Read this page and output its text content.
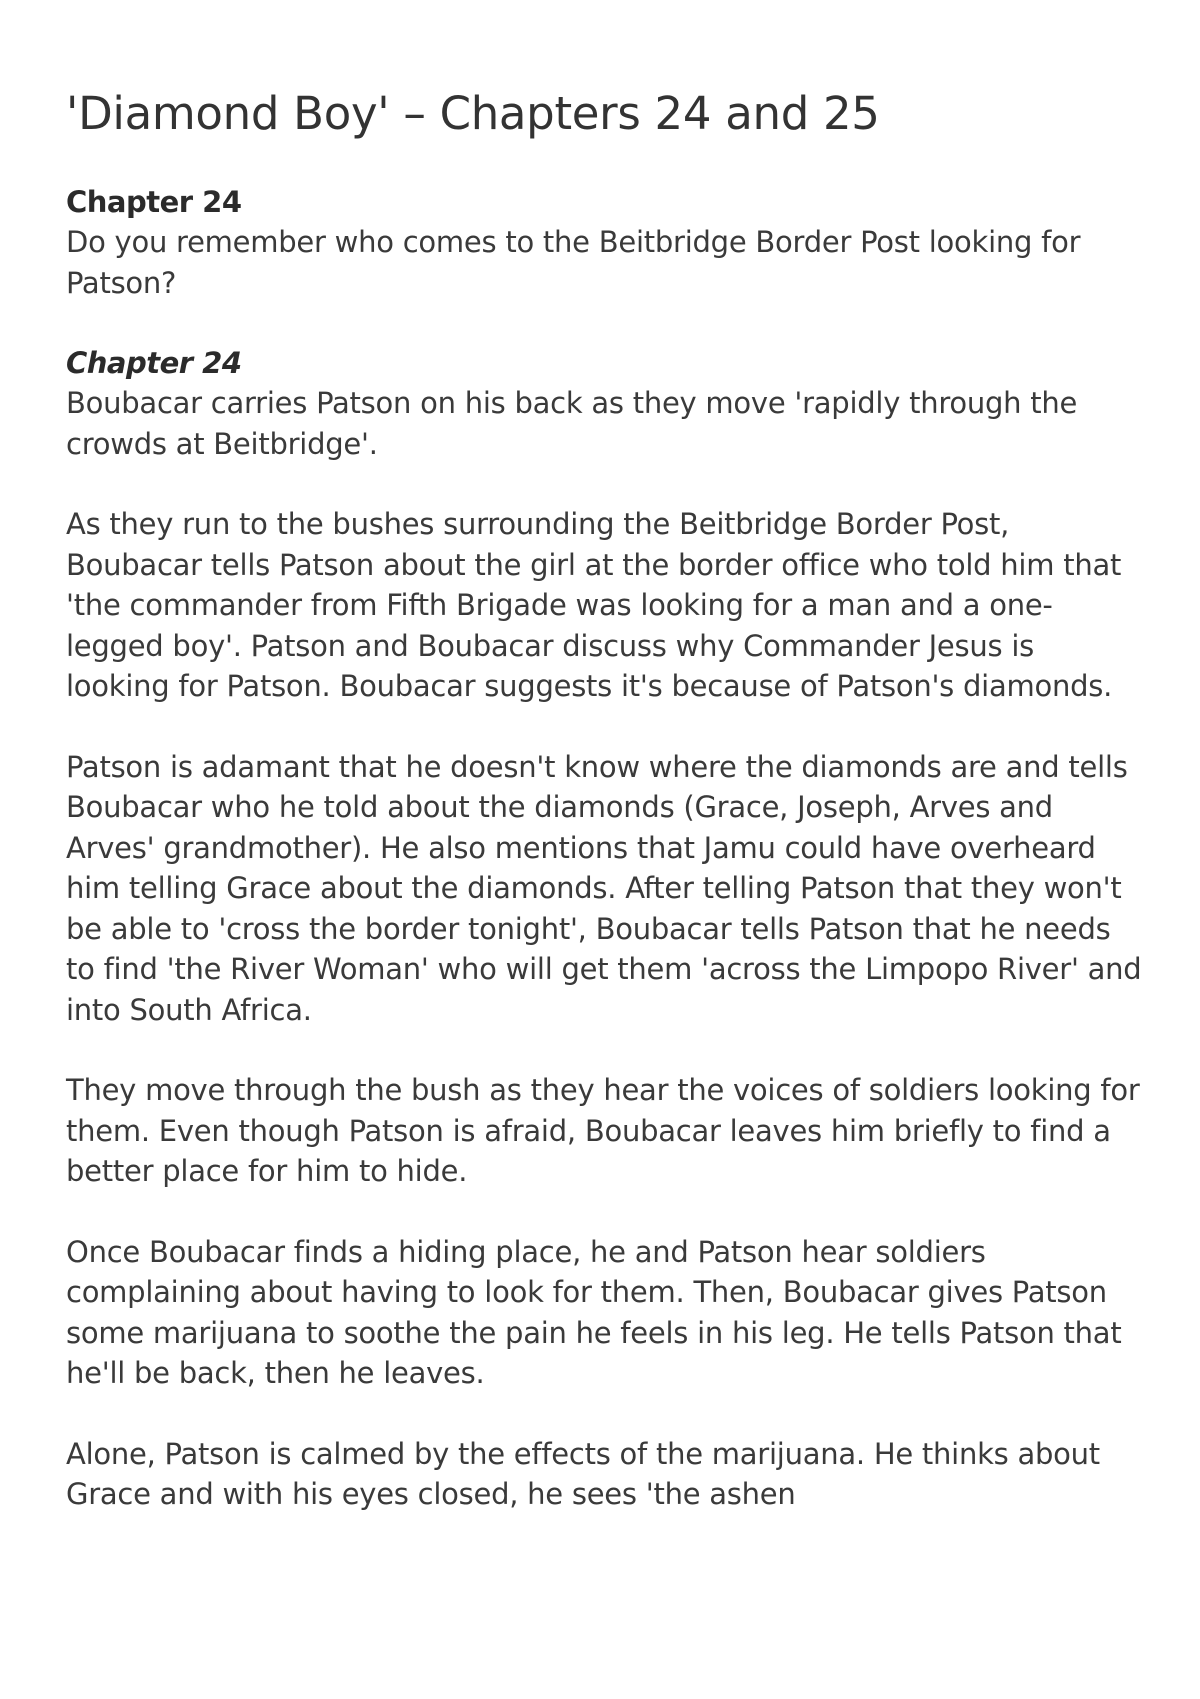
'Diamond Boy' – Chapters 24 and 25
Chapter 24

Do you remember who comes to the Beitbridge Border Post looking for Patson?

Chapter 24

Boubacar carries Patson on his back as they move 'rapidly through the crowds at Beitbridge'.

As they run to the bushes surrounding the Beitbridge Border Post, Boubacar tells Patson about the girl at the border office who told him that 'the commander from Fifth Brigade was looking for a man and a one-legged boy'. Patson and Boubacar discuss why Commander Jesus is looking for Patson. Boubacar suggests it's because of Patson's diamonds.

Patson is adamant that he doesn't know where the diamonds are and tells Boubacar who he told about the diamonds (Grace, Joseph, Arves and Arves' grandmother). He also mentions that Jamu could have overheard him telling Grace about the diamonds. After telling Patson that they won't be able to 'cross the border tonight', Boubacar tells Patson that he needs to find 'the River Woman' who will get them 'across the Limpopo River' and into South Africa.

They move through the bush as they hear the voices of soldiers looking for them. Even though Patson is afraid, Boubacar leaves him briefly to find a better place for him to hide.

Once Boubacar finds a hiding place, he and Patson hear soldiers complaining about having to look for them. Then, Boubacar gives Patson some marijuana to soothe the pain he feels in his leg. He tells Patson that he'll be back, then he leaves.

Alone, Patson is calmed by the effects of the marijuana. He thinks about Grace and with his eyes closed, he sees 'the ashen
